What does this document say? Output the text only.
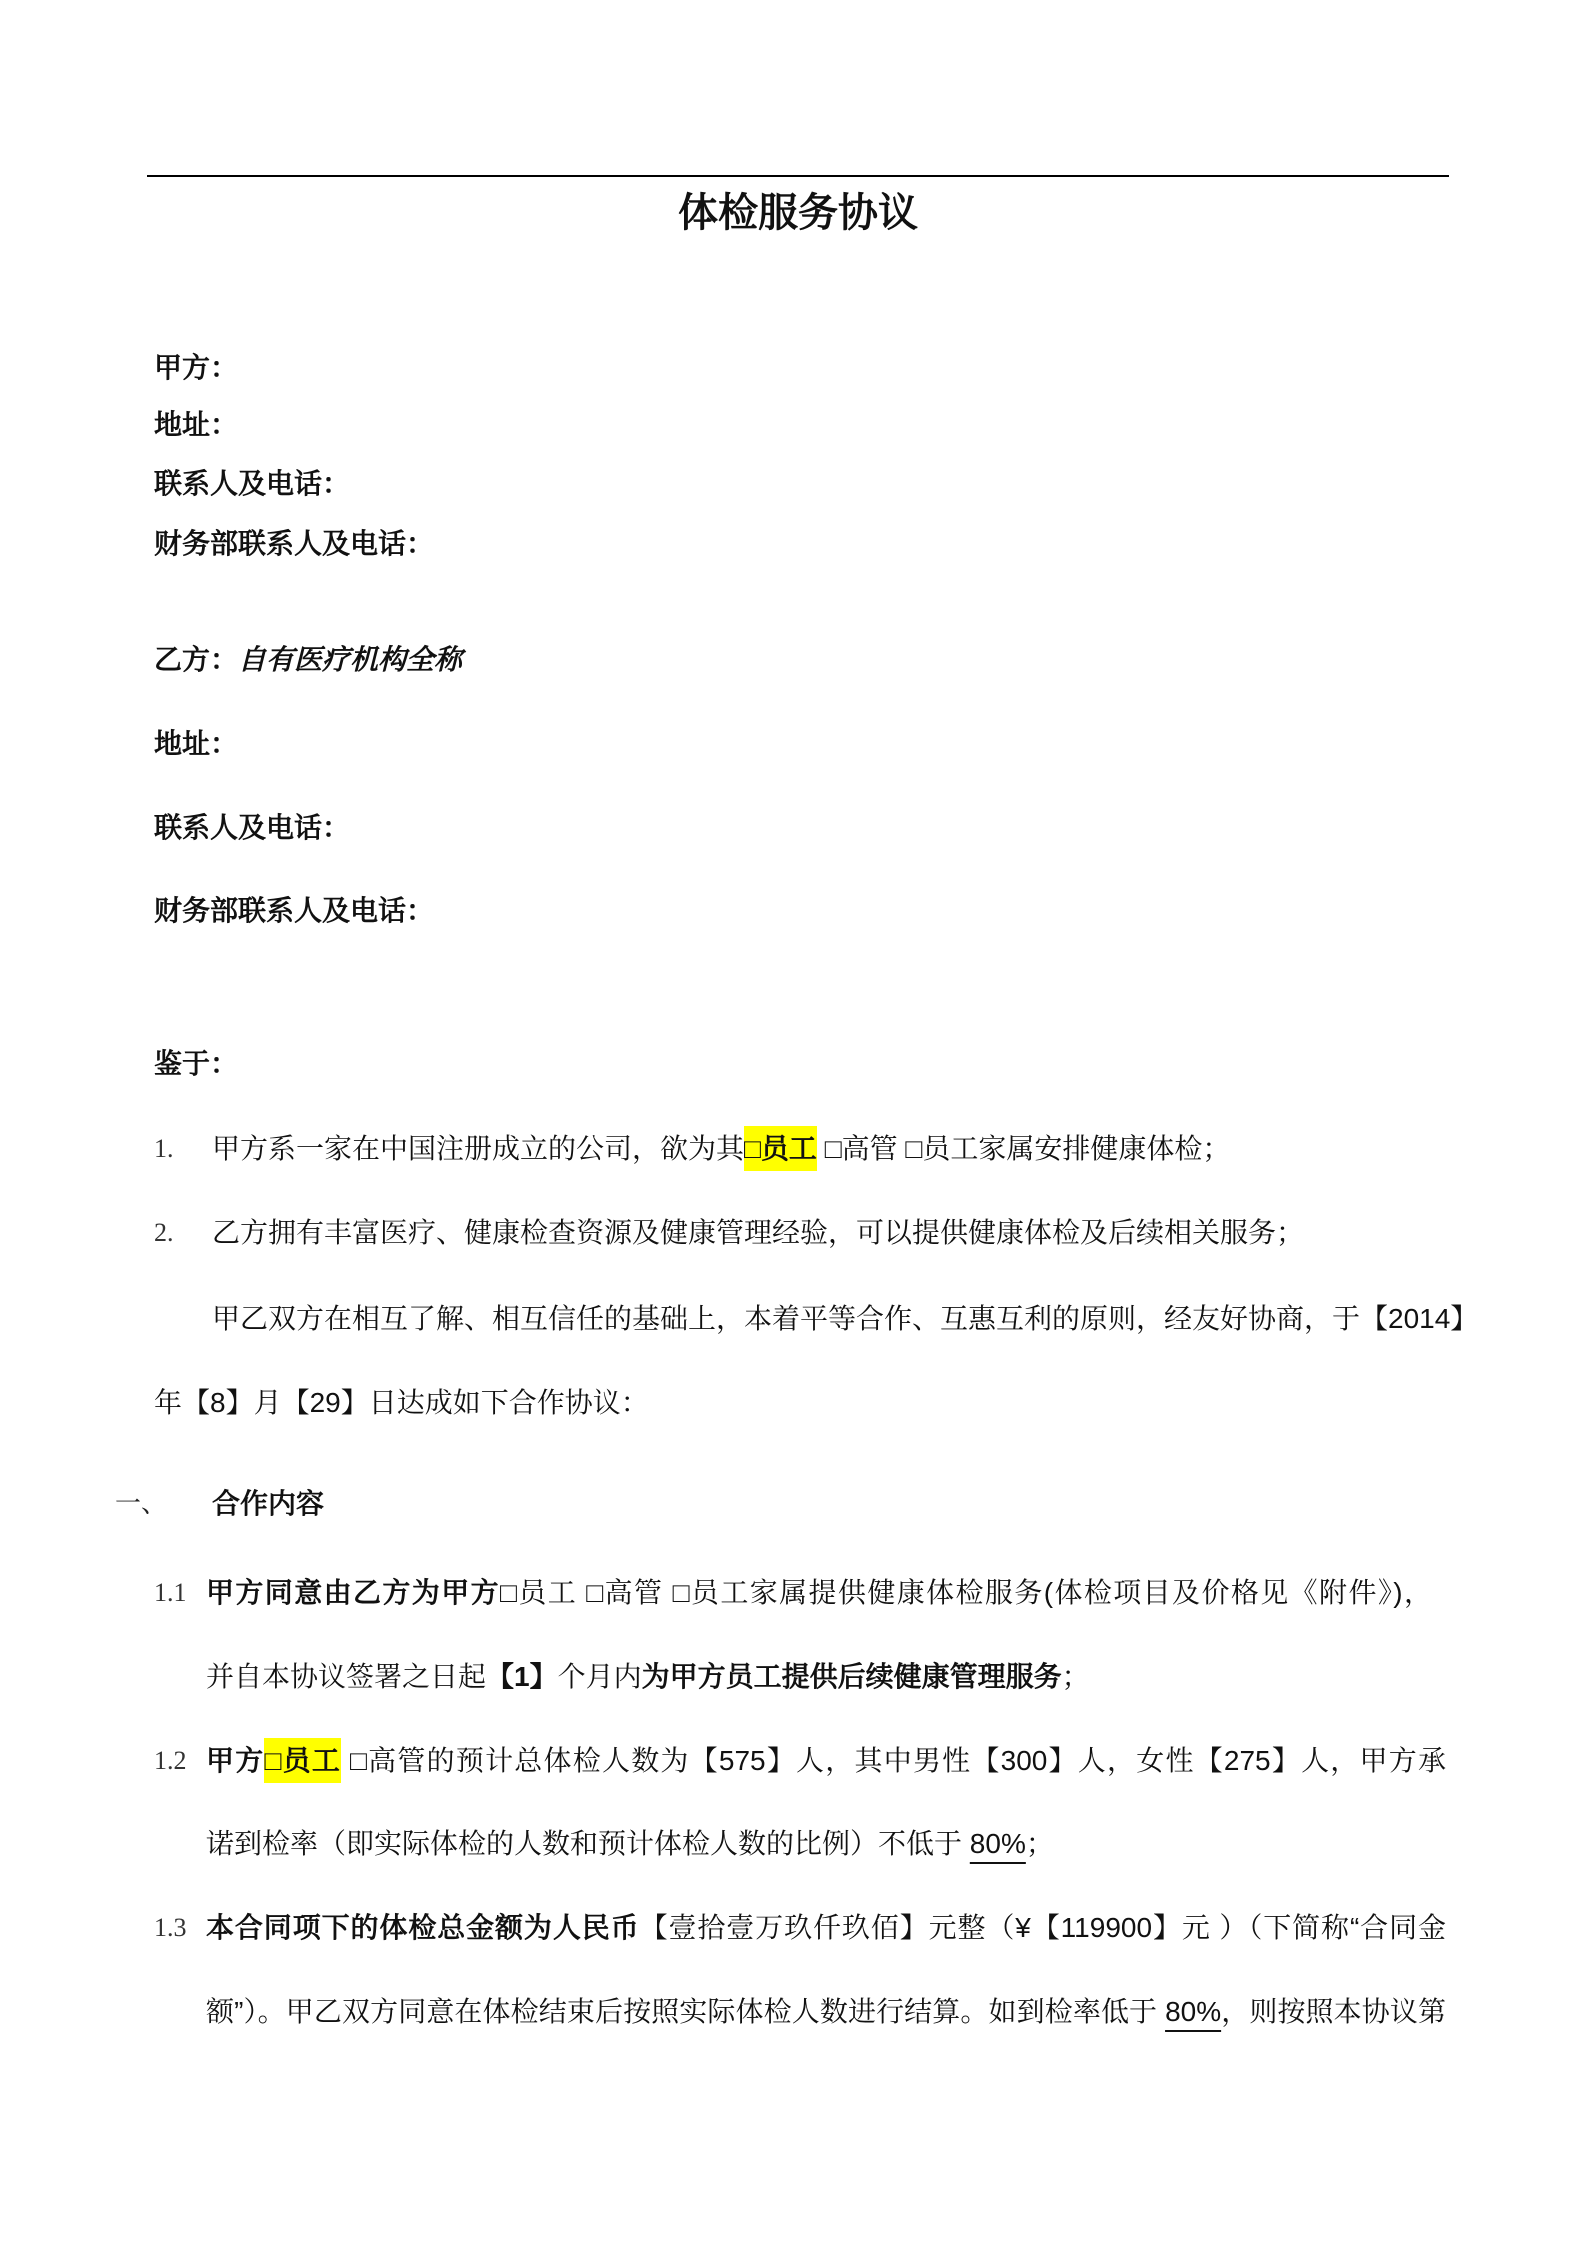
体检服务协议
甲方：
地址：
联系人及电话：
财务部联系人及电话：
乙方：自有医疗机构全称
地址：
联系人及电话：
财务部联系人及电话：
鉴于：
1. 甲方系一家在中国注册成立的公司，欲为其□员工 □高管 □员工家属安排健康体检；
2. 乙方拥有丰富医疗、健康检查资源及健康管理经验，可以提供健康体检及后续相关服务；
甲乙双方在相互了解、相互信任的基础上，本着平等合作、互惠互利的原则，经友好协商，于【2014】
年【8】月【29】日达成如下合作协议：
一、 合作内容
1.1 甲方同意由乙方为甲方□员工 □高管 □员工家属提供健康体检服务(体检项目及价格见《附件》)，
并自本协议签署之日起【1】个月内为甲方员工提供后续健康管理服务；
1.2 甲方□员工 □高管的预计总体检人数为【575】人，其中男性【300】人，女性【275】人，甲方承
诺到检率（即实际体检的人数和预计体检人数的比例）不低于 80%；
1.3 本合同项下的体检总金额为人民币【壹拾壹万玖仟玖佰】元整（¥【119900】元 ）（下简称“合同金
额”）。甲乙双方同意在体检结束后按照实际体检人数进行结算。如到检率低于 80%，则按照本协议第
